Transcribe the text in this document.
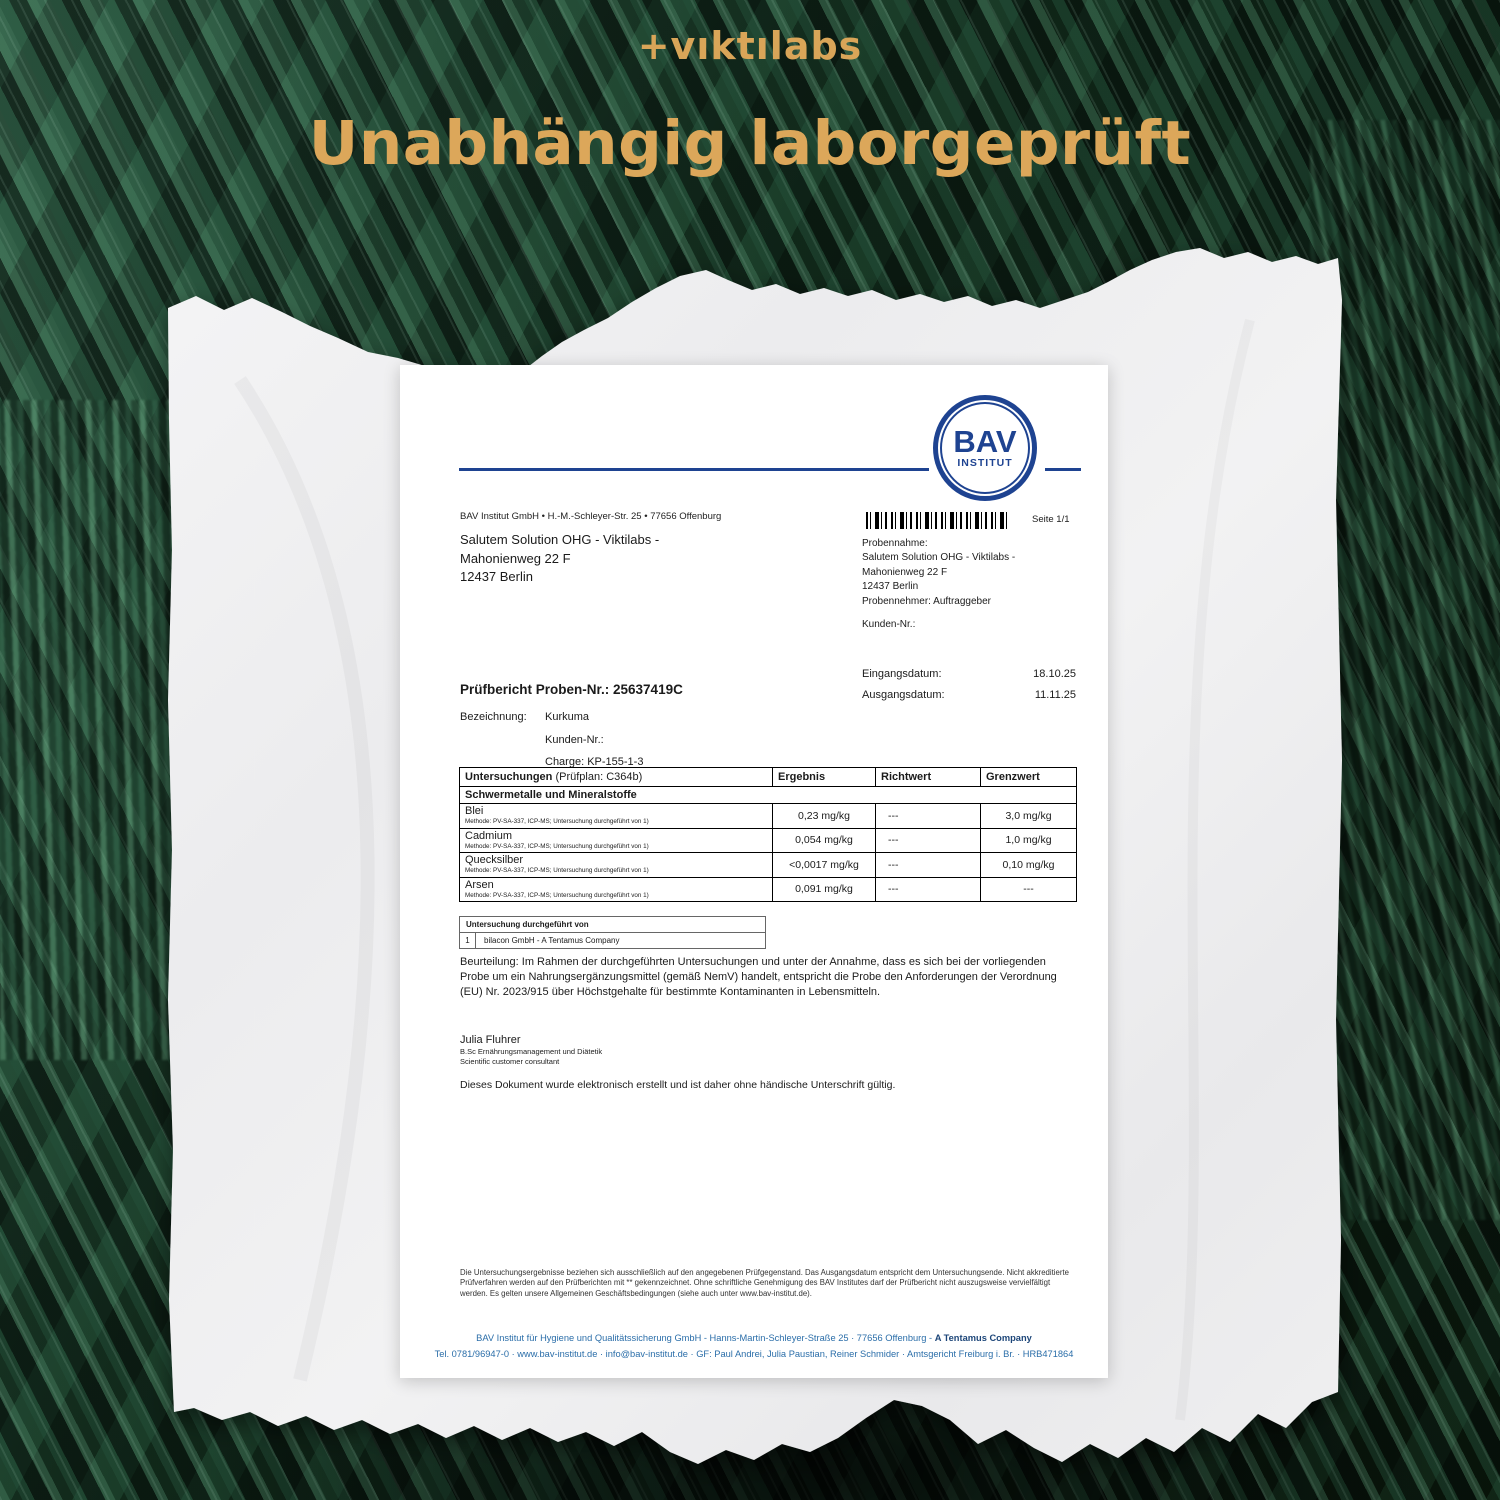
+vıktılabs
Unabhängig laborgeprüft
BAV
INSTITUT
BAV Institut GmbH • H.-M.-Schleyer-Str. 25 • 77656 Offenburg
Salutem Solution OHG - Viktilabs -
Mahonienweg 22 F
12437 Berlin
Seite 1/1
Probennahme:
Salutem Solution OHG - Viktilabs -
Mahonienweg 22 F
12437 Berlin
Probennehmer: Auftraggeber
Kunden-Nr.:
Eingangsdatum:	18.10.25
Ausgangsdatum:	11.11.25
Prüfbericht Proben-Nr.: 25637419C
Bezeichnung: Kurkuma
Kunden-Nr.:
Charge: KP-155-1-3
Untersuchungen (Prüfplan: C364b)	Ergebnis	Richtwert	Grenzwert
Schwermetalle und Mineralstoffe			

Blei
Methode: PV-SA-337, ICP-MS; Untersuchung durchgeführt von 1)	0,23 mg/kg	---	3,0 mg/kg

Cadmium
Methode: PV-SA-337, ICP-MS; Untersuchung durchgeführt von 1)	0,054 mg/kg	---	1,0 mg/kg

Quecksilber
Methode: PV-SA-337, ICP-MS; Untersuchung durchgeführt von 1)	<0,0017 mg/kg	---	0,10 mg/kg

Arsen
Methode: PV-SA-337, ICP-MS; Untersuchung durchgeführt von 1)	0,091 mg/kg	---	---
Untersuchung durchgeführt von
1	bilacon GmbH - A Tentamus Company
Beurteilung: Im Rahmen der durchgeführten Untersuchungen und unter der Annahme, dass es sich bei der vorliegenden Probe um ein Nahrungsergänzungsmittel (gemäß NemV) handelt, entspricht die Probe den Anforderungen der Verordnung (EU) Nr. 2023/915 über Höchstgehalte für bestimmte Kontaminanten in Lebensmitteln.
Julia Fluhrer
B.Sc Ernährungsmanagement und Diätetik
Scientific customer consultant
Dieses Dokument wurde elektronisch erstellt und ist daher ohne händische Unterschrift gültig.
Die Untersuchungsergebnisse beziehen sich ausschließlich auf den angegebenen Prüfgegenstand. Das Ausgangsdatum entspricht dem Untersuchungsende. Nicht akkreditierte Prüfverfahren werden auf den Prüfberichten mit ** gekennzeichnet. Ohne schriftliche Genehmigung des BAV Institutes darf der Prüfbericht nicht auszugsweise vervielfältigt werden. Es gelten unsere Allgemeinen Geschäftsbedingungen (siehe auch unter www.bav-institut.de).
BAV Institut für Hygiene und Qualitätssicherung GmbH - Hanns-Martin-Schleyer-Straße 25 · 77656 Offenburg - A Tentamus Company
Tel. 0781/96947-0 · www.bav-institut.de · info@bav-institut.de · GF: Paul Andrei, Julia Paustian, Reiner Schmider · Amtsgericht Freiburg i. Br. · HRB471864
